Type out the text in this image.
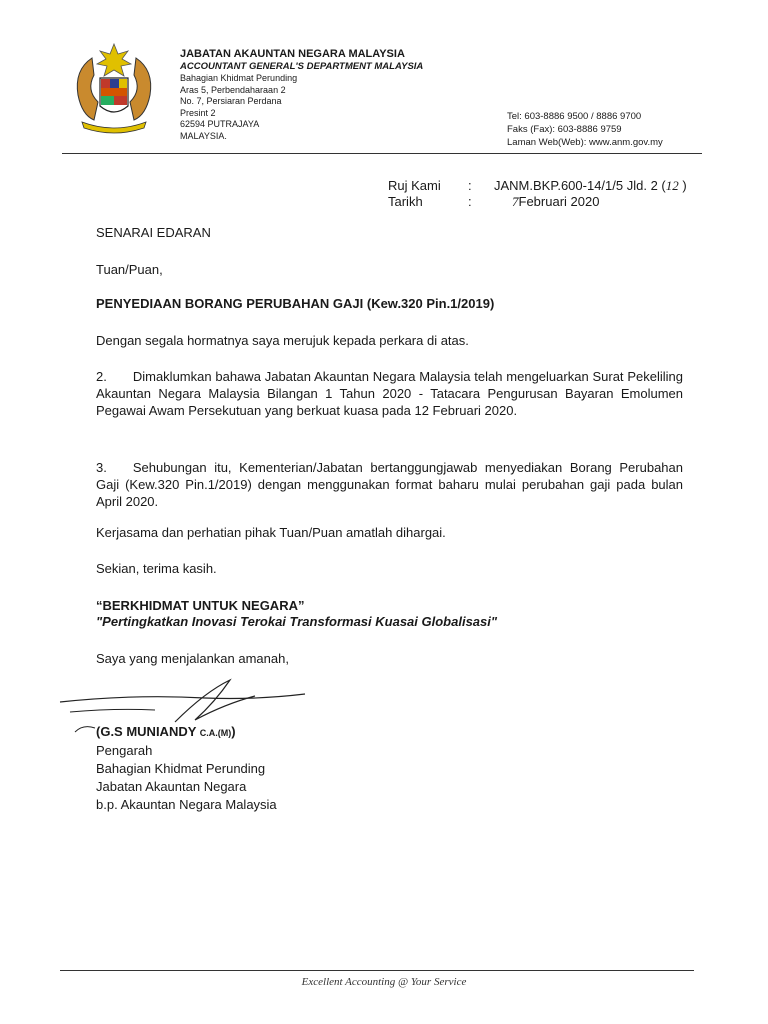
JABATAN AKAUNTAN NEGARA MALAYSIA
ACCOUNTANT GENERAL'S DEPARTMENT MALAYSIA
Bahagian Khidmat Perunding
Aras 5, Perbendaharaan 2
No. 7, Persiaran Perdana
Presint 2
62594 PUTRAJAYA
MALAYSIA.
Tel: 603-8886 9500 / 8886 9700
Faks (Fax): 603-8886 9759
Laman Web(Web): www.anm.gov.my
Ruj Kami	:	JANM.BKP.600-14/1/5 Jld. 2 (12 )
Tarikh	:	7Februari 2020
SENARAI EDARAN
Tuan/Puan,
PENYEDIAAN BORANG PERUBAHAN GAJI (Kew.320 Pin.1/2019)
Dengan segala hormatnya saya merujuk kepada perkara di atas.
2.  Dimaklumkan bahawa Jabatan Akauntan Negara Malaysia telah mengeluarkan Surat Pekeliling Akauntan Negara Malaysia Bilangan 1 Tahun 2020 - Tatacara Pengurusan Bayaran Emolumen Pegawai Awam Persekutuan yang berkuat kuasa pada 12 Februari 2020.
3.  Sehubungan itu, Kementerian/Jabatan bertanggungjawab menyediakan Borang Perubahan Gaji (Kew.320 Pin.1/2019) dengan menggunakan format baharu mulai perubahan gaji pada bulan April 2020.
Kerjasama dan perhatian pihak Tuan/Puan amatlah dihargai.
Sekian, terima kasih.
“BERKHIDMAT UNTUK NEGARA”
"Pertingkatkan Inovasi Terokai Transformasi Kuasai Globalisasi"
Saya yang menjalankan amanah,
(G.S MUNIANDY C.A.(M))
Pengarah
Bahagian Khidmat Perunding
Jabatan Akauntan Negara
b.p. Akauntan Negara Malaysia
Excellent Accounting @ Your Service
